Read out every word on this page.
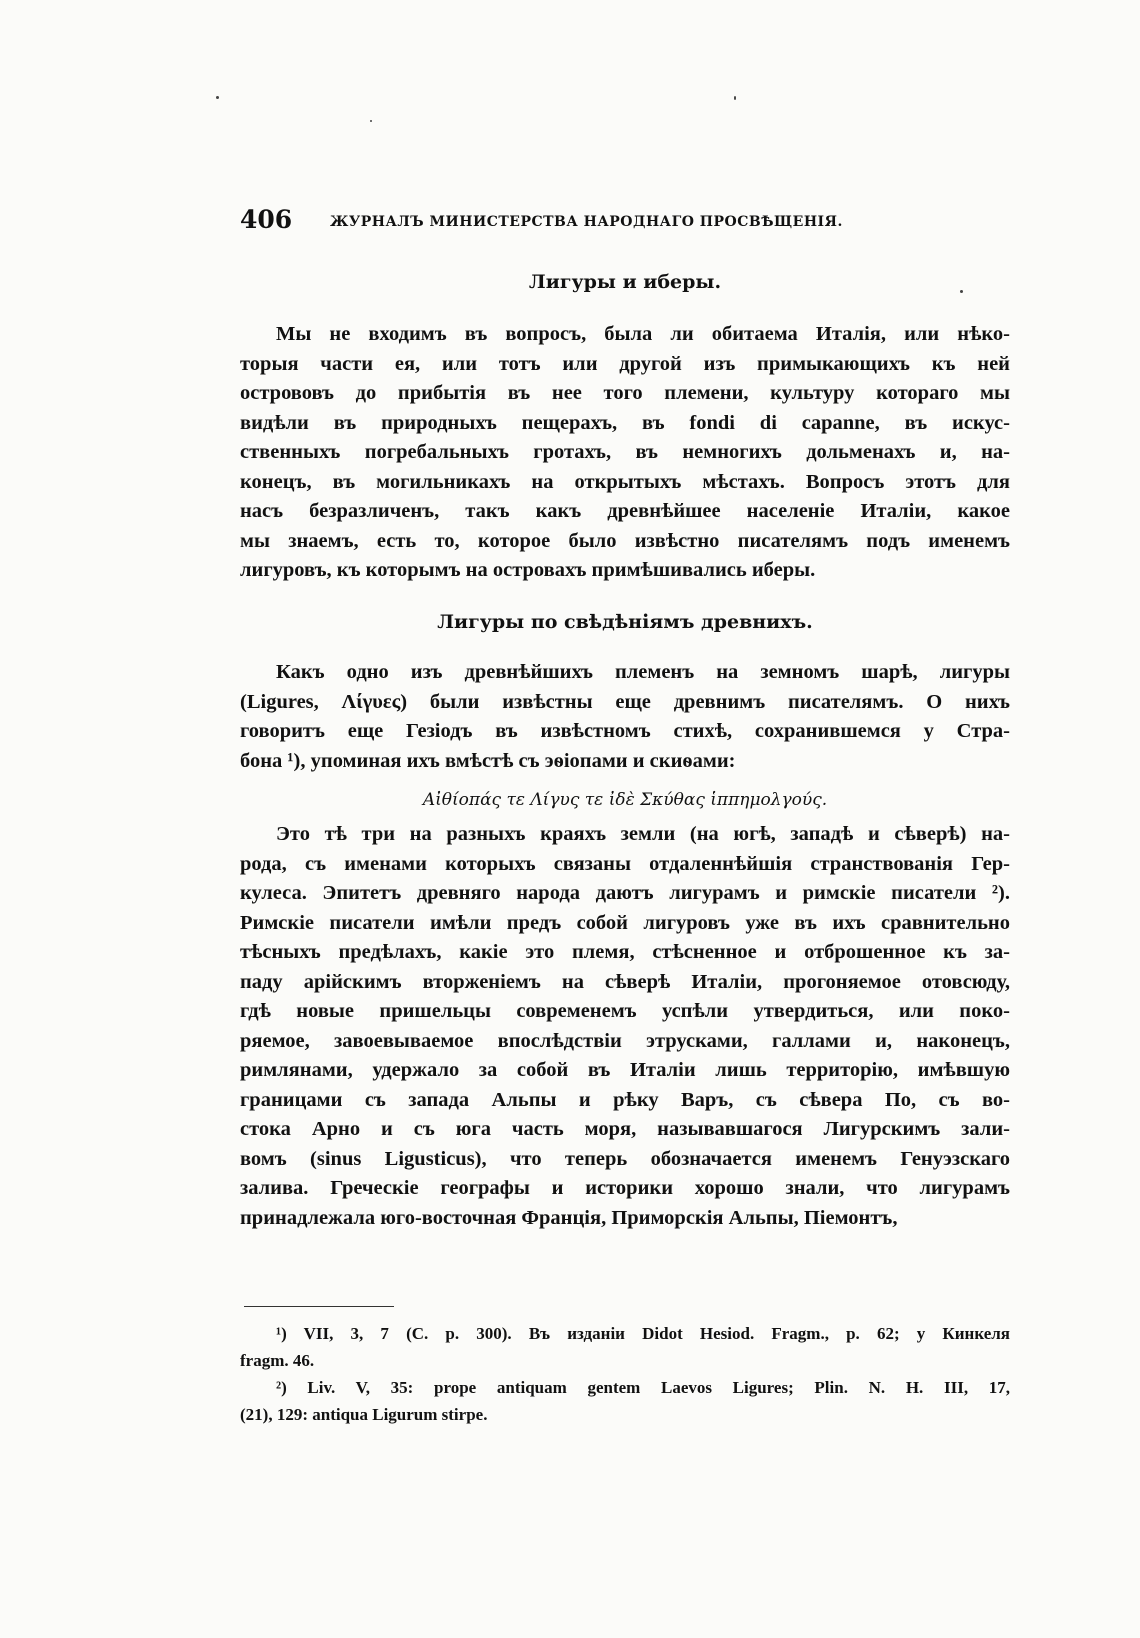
406	ЖУРНАЛЪ МИНИСТЕРСТВА НАРОДНАГО ПРОСВѢЩЕНІЯ.
Лигуры и иберы.
Мы не входимъ въ вопросъ, была ли обитаема Италія, или нѣко-
торыя части ея, или тотъ или другой изъ примыкающихъ къ ней
острововъ до прибытія въ нее того племени, культуру котораго мы
видѣли въ природныхъ пещерахъ, въ fondi di capanne, въ искус-
ственныхъ погребальныхъ гротахъ, въ немногихъ дольменахъ и, на-
конецъ, въ могильникахъ на открытыхъ мѣстахъ. Вопросъ этотъ для
насъ безразличенъ, такъ какъ древнѣйшее населеніе Италіи, какое
мы знаемъ, есть то, которое было извѣстно писателямъ подъ именемъ
лигуровъ, къ которымъ на островахъ примѣшивались иберы.
Лигуры по свѣдѣніямъ древнихъ.
Какъ одно изъ древнѣйшихъ племенъ на земномъ шарѣ, лигуры
(Ligures, Λίγυες) были извѣстны еще древнимъ писателямъ. О нихъ
говоритъ еще Гезіодъ въ извѣстномъ стихѣ, сохранившемся у Стра-
бона ¹), упоминая ихъ вмѣстѣ съ эѳіопами и скиѳами:
Αἰθίοπάς τε Λίγυς τε ἰδὲ Σκύθας ἱππημολγούς.
Это тѣ три на разныхъ краяхъ земли (на югѣ, западѣ и сѣверѣ) на-
рода, съ именами которыхъ связаны отдаленнѣйшія странствованія Гер-
кулеса. Эпитетъ древняго народа даютъ лигурамъ и римскіе писатели ²).
Римскіе писатели имѣли предъ собой лигуровъ уже въ ихъ сравнительно
тѣсныхъ предѣлахъ, какіе это племя, стѣсненное и отброшенное къ за-
паду арійскимъ вторженіемъ на сѣверѣ Италіи, прогоняемое отовсюду,
гдѣ новые пришельцы современемъ успѣли утвердиться, или поко-
ряемое, завоевываемое впослѣдствіи этрусками, галлами и, наконецъ,
римлянами, удержало за собой въ Италіи лишь территорію, имѣвшую
границами съ запада Альпы и рѣку Варъ, съ сѣвера По, съ во-
стока Арно и съ юга часть моря, называвшагося Лигурскимъ зали-
вомъ (sinus Ligusticus), что теперь обозначается именемъ Генуэзскаго
залива. Греческіе географы и историки хорошо знали, что лигурамъ
принадлежала юго-восточная Франція, Приморскія Альпы, Піемонтъ,
¹) VII, 3, 7 (С. р. 300). Въ изданіи Didot Hesiod. Fragm., р. 62; у Кинкеля
fragm. 46.
²) Liv. V, 35: prope antiquam gentem Laevos Ligures; Plin. N. H. III, 17,
(21), 129: antiqua Ligurum stirpe.
